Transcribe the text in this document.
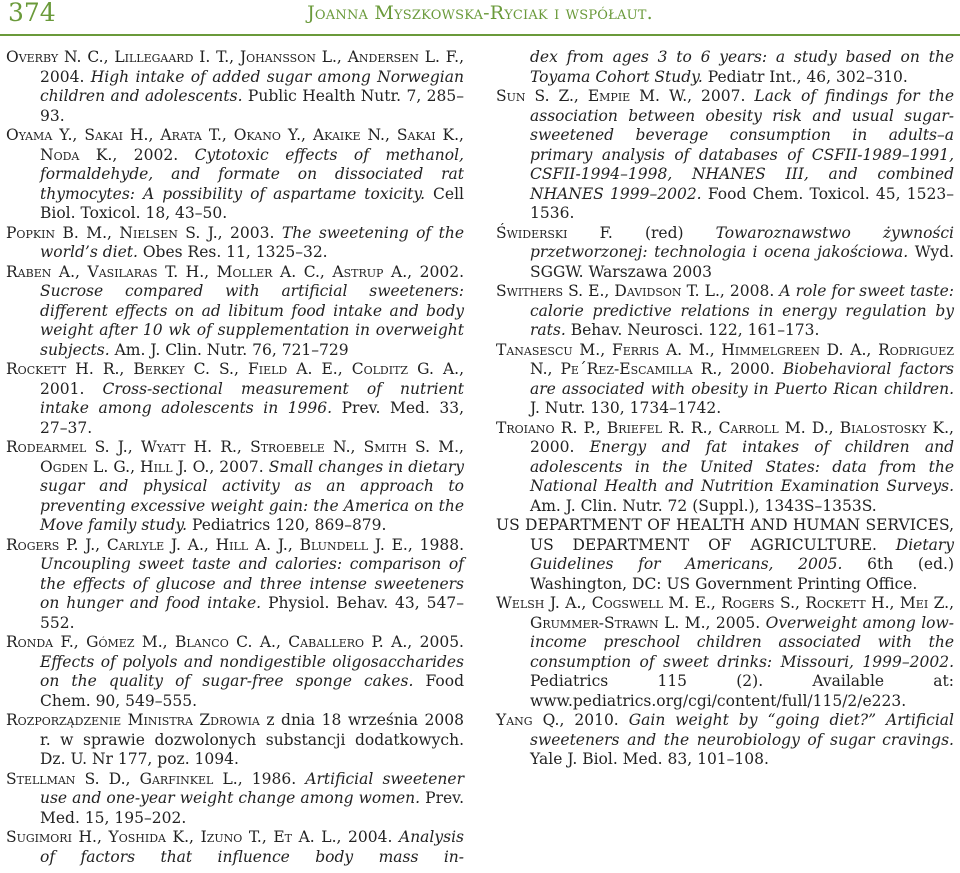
374	Joanna Myszkowska-Ryciak i współaut.

Overby N. C., Lillegaard I. T., Johansson L., Andersen L. F., 2004. High intake of added sugar among Norwegian children and adolescents. Public Health Nutr. 7, 285–93.

Oyama Y., Sakai H., Arata T., Okano Y., Akaike N., Sakai K., Noda K., 2002. Cytotoxic effects of methanol, formaldehyde, and formate on dissociated rat thymocytes: A possibility of aspartame toxicity. Cell Biol. Toxicol. 18, 43–50.

Popkin B. M., Nielsen S. J., 2003. The sweetening of the world’s diet. Obes Res. 11, 1325–32.

Raben A., Vasilaras T. H., Moller A. C., Astrup A., 2002. Sucrose compared with artificial sweeteners: different effects on ad libitum food intake and body weight after 10 wk of supplementation in overweight subjects. Am. J. Clin. Nutr. 76, 721–729

Rockett H. R., Berkey C. S., Field A. E., Colditz G. A., 2001. Cross-sectional measurement of nutrient intake among adolescents in 1996. Prev. Med. 33, 27–37.

Rodearmel S. J., Wyatt H. R., Stroebele N., Smith S. M., Ogden L. G., Hill J. O., 2007. Small changes in dietary sugar and physical activity as an approach to preventing excessive weight gain: the America on the Move family study. Pediatrics 120, 869–879.

Rogers P. J., Carlyle J. A., Hill A. J., Blundell J. E., 1988. Uncoupling sweet taste and calories: comparison of the effects of glucose and three intense sweeteners on hunger and food intake. Physiol. Behav. 43, 547–552.

Ronda F., Gómez M., Blanco C. A., Caballero P. A., 2005. Effects of polyols and nondigestible oligosaccharides on the quality of sugar-free sponge cakes. Food Chem. 90, 549–555.

Rozporządzenie Ministra Zdrowia z dnia 18 września 2008 r. w sprawie dozwolonych substancji dodatkowych. Dz. U. Nr 177, poz. 1094.

Stellman S. D., Garfinkel L., 1986. Artificial sweetener use and one-year weight change among women. Prev. Med. 15, 195–202.

Sugimori H., Yoshida K., Izuno T., Et A. L., 2004. Analysis of factors that influence body mass in-

dex from ages 3 to 6 years: a study based on the Toyama Cohort Study. Pediatr Int., 46, 302–310.

Sun S. Z., Empie M. W., 2007. Lack of findings for the association between obesity risk and usual sugar-sweetened beverage consumption in adults–a primary analysis of databases of CSFII-1989–1991, CSFII-1994–1998, NHANES III, and combined NHANES 1999–2002. Food Chem. Toxicol. 45, 1523–1536.

Świderski F. (red) Towaroznawstwo żywności przetworzonej: technologia i ocena jakościowa. Wyd. SGGW. Warszawa 2003

Swithers S. E., Davidson T. L., 2008. A role for sweet taste: calorie predictive relations in energy regulation by rats. Behav. Neurosci. 122, 161–173.

Tanasescu M., Ferris A. M., Himmelgreen D. A., Rodriguez N., Pe´Rez-Escamilla R., 2000. Biobehavioral factors are associated with obesity in Puerto Rican children. J. Nutr. 130, 1734–1742.

Troiano R. P., Briefel R. R., Carroll M. D., Bialostosky K., 2000. Energy and fat intakes of children and adolescents in the United States: data from the National Health and Nutrition Examination Surveys. Am. J. Clin. Nutr. 72 (Suppl.), 1343S–1353S.

US DEPARTMENT OF HEALTH AND HUMAN SERVICES, US DEPARTMENT OF AGRICULTURE. Dietary Guidelines for Americans, 2005. 6th (ed.) Washington, DC: US Government Printing Office.

Welsh J. A., Cogswell M. E., Rogers S., Rockett H., Mei Z., Grummer-Strawn L. M., 2005. Overweight among low-income preschool children associated with the consumption of sweet drinks: Missouri, 1999–2002. Pediatrics 115 (2). Available at: www.pediatrics.org/cgi/content/full/115/2/e223.

Yang Q., 2010. Gain weight by “going diet?” Artificial sweeteners and the neurobiology of sugar cravings. Yale J. Biol. Med. 83, 101–108.
